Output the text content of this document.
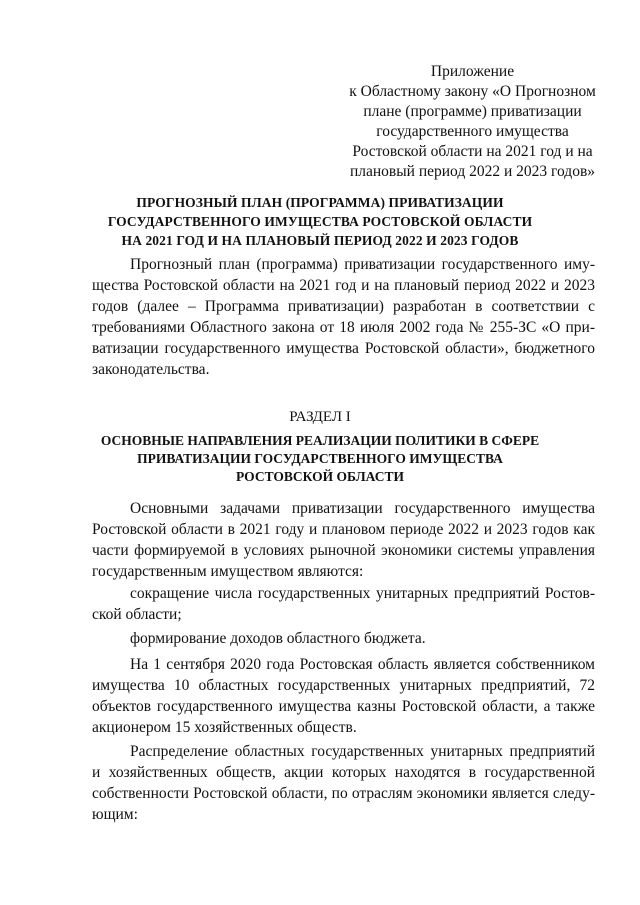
Приложение
к Областному закону «О Прогнозном
плане (программе) приватизации
государственного имущества
Ростовской области на 2021 год и на
плановый период 2022 и 2023 годов»
ПРОГНОЗНЫЙ ПЛАН (ПРОГРАММА) ПРИВАТИЗАЦИИ
ГОСУДАРСТВЕННОГО ИМУЩЕСТВА РОСТОВСКОЙ ОБЛАСТИ
НА 2021 ГОД И НА ПЛАНОВЫЙ ПЕРИОД 2022 И 2023 ГОДОВ

Прогнозный план (программа) приватизации государственного имущества Ростовской области на 2021 год и на плановый период 2022 и 2023 годов (далее – Программа приватизации) разработан в соответствии с требованиями Областного закона от 18 июля 2002 года № 255-ЗС «О приватизации государственного имущества Ростовской области», бюджетного законодательства.

РАЗДЕЛ I
ОСНОВНЫЕ НАПРАВЛЕНИЯ РЕАЛИЗАЦИИ ПОЛИТИКИ В СФЕРЕ
ПРИВАТИЗАЦИИ ГОСУДАРСТВЕННОГО ИМУЩЕСТВА
РОСТОВСКОЙ ОБЛАСТИ

Основными задачами приватизации государственного имущества Ростовской области в 2021 году и плановом периоде 2022 и 2023 годов как части формируемой в условиях рыночной экономики системы управления государственным имуществом являются:

сокращение числа государственных унитарных предприятий Ростовской области;

формирование доходов областного бюджета.

На 1 сентября 2020 года Ростовская область является собственником имущества 10 областных государственных унитарных предприятий, 72 объектов государственного имущества казны Ростовской области, а также акционером 15 хозяйственных обществ.

Распределение областных государственных унитарных предприятий и хозяйственных обществ, акции которых находятся в государственной собственности Ростовской области, по отраслям экономики является следующим:
